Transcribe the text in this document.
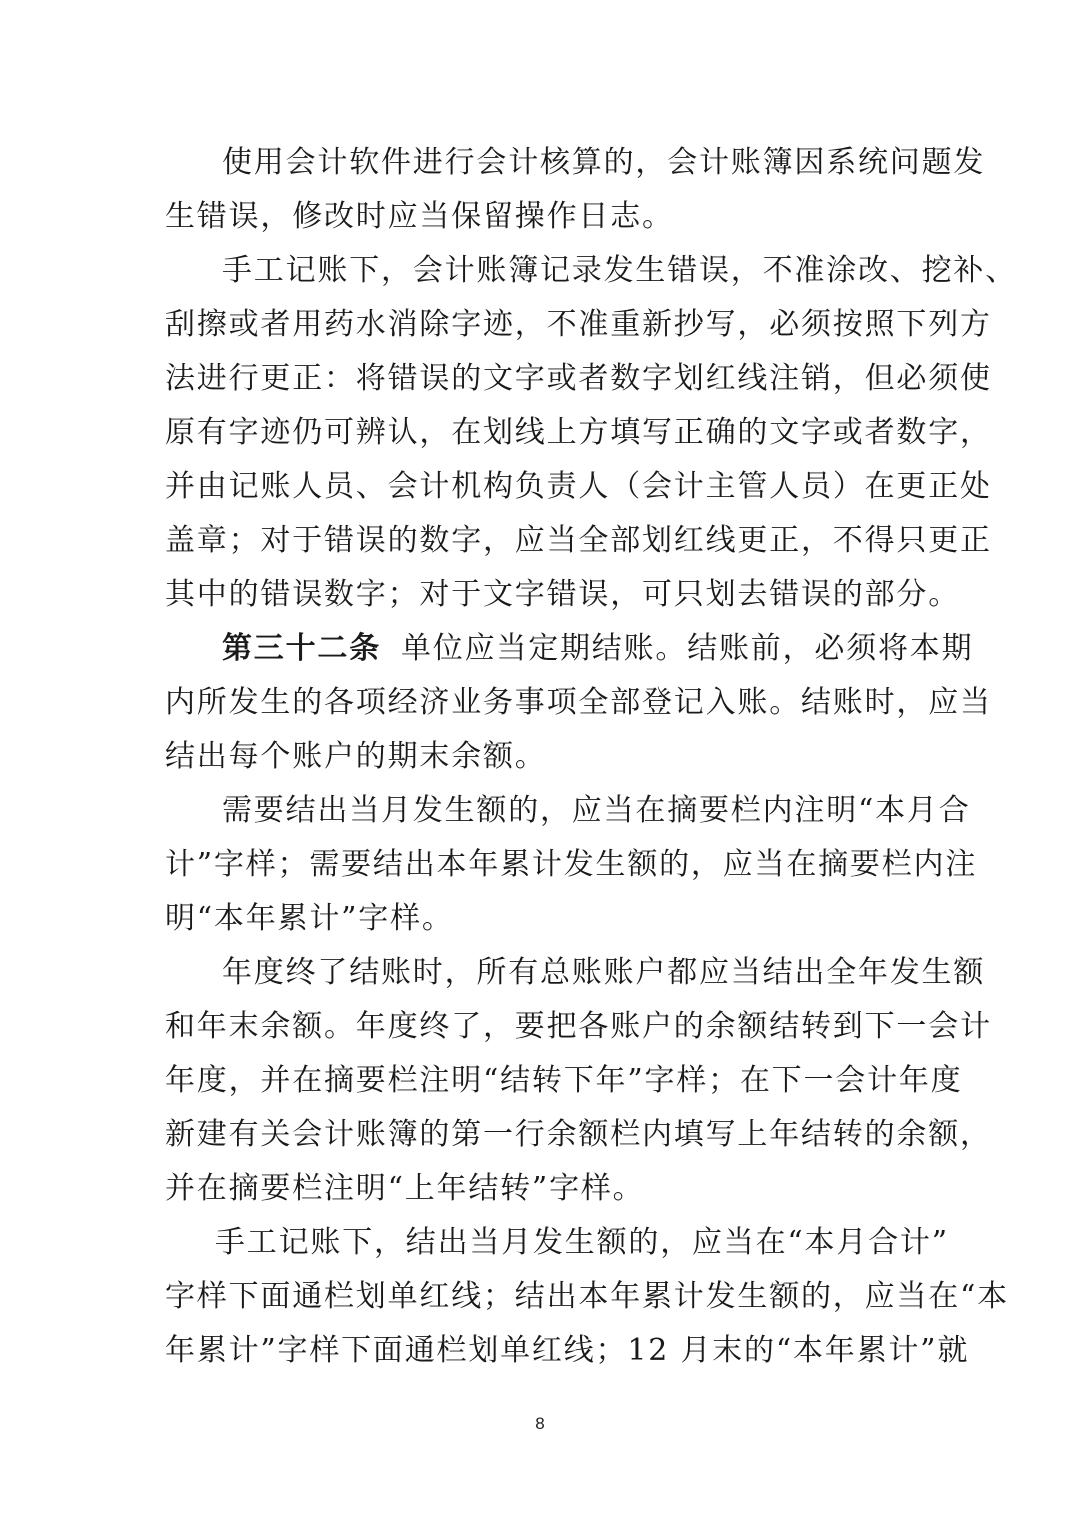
使用会计软件进行会计核算的，会计账簿因系统问题发
生错误，修改时应当保留操作日志。
手工记账下，会计账簿记录发生错误，不准涂改、挖补、
刮擦或者用药水消除字迹，不准重新抄写，必须按照下列方
法进行更正：将错误的文字或者数字划红线注销，但必须使
原有字迹仍可辨认，在划线上方填写正确的文字或者数字，
并由记账人员、会计机构负责人（会计主管人员）在更正处
盖章；对于错误的数字，应当全部划红线更正，不得只更正
其中的错误数字；对于文字错误，可只划去错误的部分。
第三十二条 单位应当定期结账。结账前，必须将本期
内所发生的各项经济业务事项全部登记入账。结账时，应当
结出每个账户的期末余额。
需要结出当月发生额的，应当在摘要栏内注明“本月合
计”字样；需要结出本年累计发生额的，应当在摘要栏内注
明“本年累计”字样。
年度终了结账时，所有总账账户都应当结出全年发生额
和年末余额。年度终了，要把各账户的余额结转到下一会计
年度，并在摘要栏注明“结转下年”字样；在下一会计年度
新建有关会计账簿的第一行余额栏内填写上年结转的余额，
并在摘要栏注明“上年结转”字样。
手工记账下，结出当月发生额的，应当在“本月合计”
字样下面通栏划单红线；结出本年累计发生额的，应当在“本
年累计”字样下面通栏划单红线；12 月末的“本年累计”就
8
